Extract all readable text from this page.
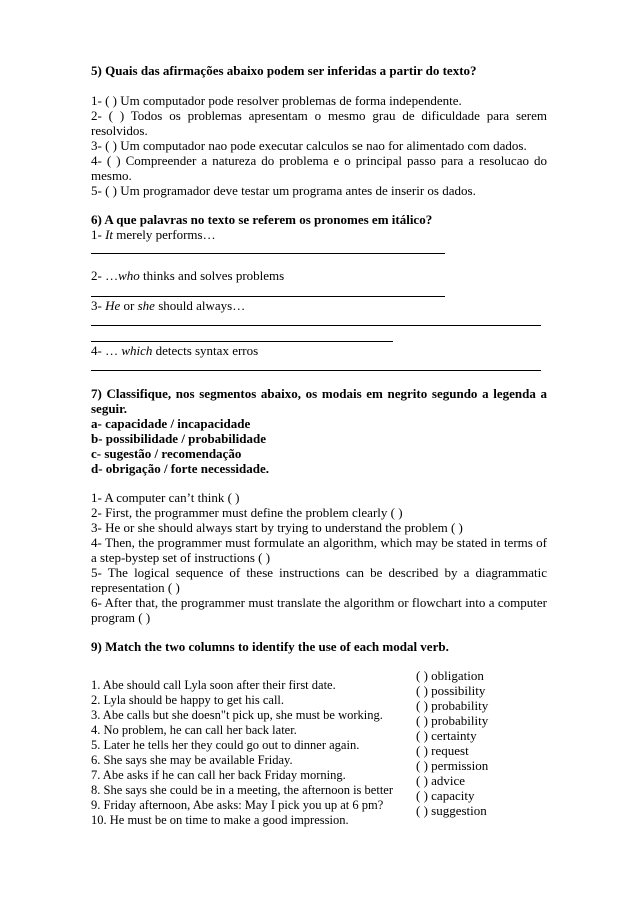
5) Quais das afirmações abaixo podem ser inferidas a partir do texto?
1- ( ) Um computador pode resolver problemas de forma independente.
2- ( ) Todos os problemas apresentam o mesmo grau de dificuldade para serem resolvidos.
3- ( ) Um computador nao pode executar calculos se nao for alimentado com dados.
4- ( ) Compreender a natureza do problema e o principal passo para a resolucao do mesmo.
5- ( ) Um programador deve testar um programa antes de inserir os dados.
6) A que palavras no texto se referem os pronomes em itálico?
1- It merely performs…
2- …who thinks and solves problems
3- He or she should always…
4- … which detects syntax erros
7) Classifique, nos segmentos abaixo, os modais em negrito segundo a legenda a seguir.
a- capacidade / incapacidade
b- possibilidade / probabilidade
c- sugestão / recomendação
d- obrigação / forte necessidade.
1- A computer can’t think ( )
2- First, the programmer must define the problem clearly ( )
3- He or she should always start by trying to understand the problem ( )
4- Then, the programmer must formulate an algorithm, which may be stated in terms of a step-bystep set of instructions ( )
5- The logical sequence of these instructions can be described by a diagrammatic representation ( )
6- After that, the programmer must translate the algorithm or flowchart into a computer program ( )
9) Match the two columns to identify the use of each modal verb.
1. Abe should call Lyla soon after their first date.
2. Lyla should be happy to get his call.
3. Abe calls but she doesn"t pick up, she must be working.
4. No problem, he can call her back later.
5. Later he tells her they could go out to dinner again.
6. She says she may be available Friday.
7. Abe asks if he can call her back Friday morning.
8. She says she could be in a meeting, the afternoon is better
9. Friday afternoon, Abe asks: May I pick you up at 6 pm?
10. He must be on time to make a good impression.
( ) obligation
( ) possibility
( ) probability
( ) probability
( ) certainty
( ) request
( ) permission
( ) advice
( ) capacity
( ) suggestion
